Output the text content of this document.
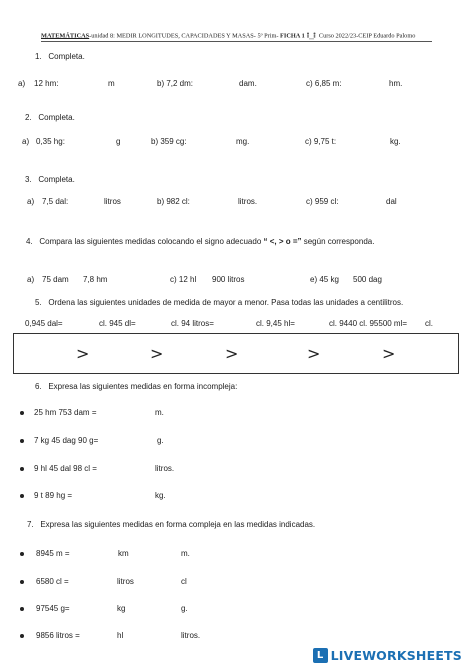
MATEMÁTICAS-unidad 8: MEDIR LONGITUDES, CAPACIDADES Y MASAS- 5º Prim- FICHA 1 Curso 2022/23-CEIP Eduardo Palomo
1. Completa.
a) 12 hm:	m	b) 7,2 dm:	dam.	c) 6,85 m:	hm.
2. Completa.
a) 0,35 hg:	g	b) 359 cg:	mg.	c) 9,75 t:	kg.
3. Completa.
a) 7,5 dal:	litros	b) 982 cl:	litros.	c) 959 cl:	dal
4. Compara las siguientes medidas colocando el signo adecuado “ <, > o =” según corresponda.
a) 75 dam 7,8 hm	c) 12 hl 900 litros	e) 45 kg 500 dag
5. Ordena las siguientes unidades de medida de mayor a menor. Pasa todas las unidades a centilitros.
0,945 dal=	cl. 945 dl=	cl. 94 litros=	cl. 9,45 hl=	cl. 9440 cl. 95500 ml= cl.
>	>	>	>	>
6. Expresa las siguientes medidas en forma incompleja:
25 hm 753 dam =	m.
7 kg 45 dag 90 g=	g.
9 hl 45 dal 98 cl =	litros.
9 t 89 hg =	kg.
7. Expresa las siguientes medidas en forma compleja en las medidas indicadas.
8945 m =	km	m.
6580 cl =	litros	cl
97545 g=	kg	g.
9856 litros =	hl	litros.
L LIVEWORKSHEETS
